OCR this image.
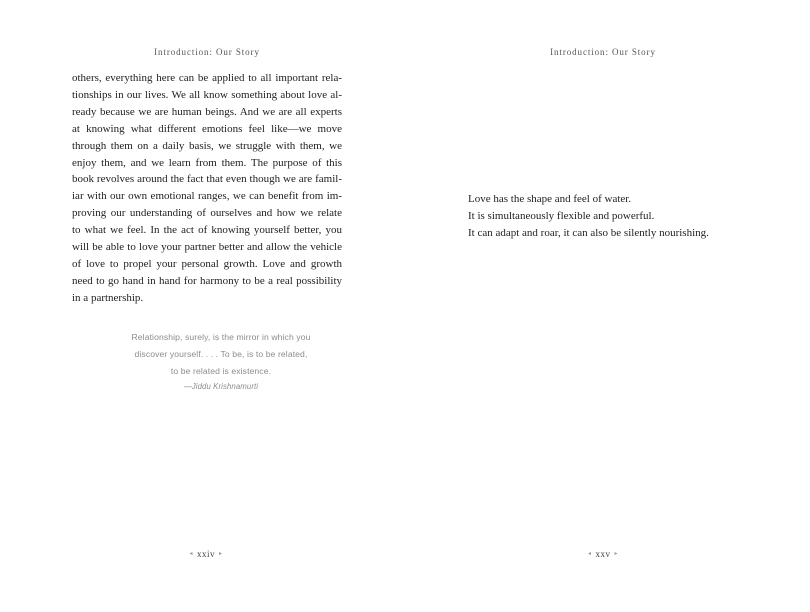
Introduction: Our Story
others, everything here can be applied to all important rela-
tionships in our lives. We all know something about love al-
ready because we are human beings. And we are all experts
at knowing what different emotions feel like—we move
through them on a daily basis, we struggle with them, we
enjoy them, and we learn from them. The purpose of this
book revolves around the fact that even though we are famil-
iar with our own emotional ranges, we can benefit from im-
proving our understanding of ourselves and how we relate
to what we feel. In the act of knowing yourself better, you
will be able to love your partner better and allow the vehicle
of love to propel your personal growth. Love and growth
need to go hand in hand for harmony to be a real possibility
in a partnership.
Relationship, surely, is the mirror in which you
discover yourself. . . . To be, is to be related,
to be related is existence.
—Jiddu Krishnamurti
◂ xxiv ▸
Introduction: Our Story
Love has the shape and feel of water.
It is simultaneously flexible and powerful.
It can adapt and roar, it can also be silently nourishing.
◂ xxv ▸
